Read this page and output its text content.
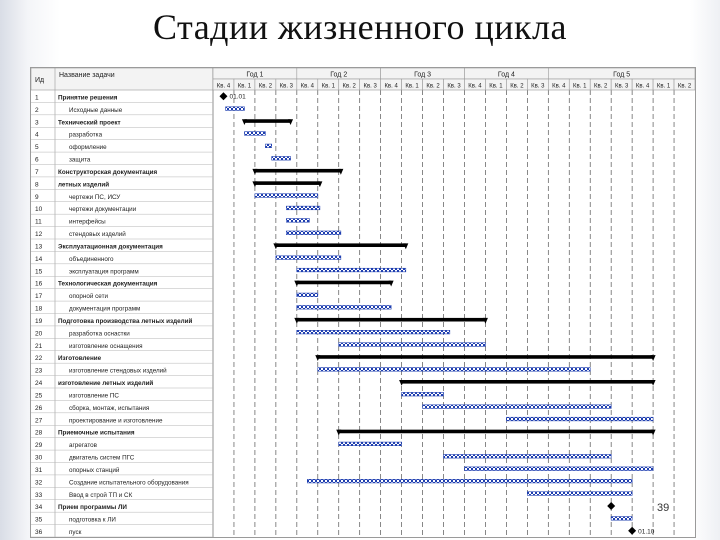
Стадии жизненного цикла
Ид
Название задачи	Год 1	Год 2	Год 3	Год 4	Год 5
Кв. 4 Кв. 1 Кв. 2 Кв. 3 Кв. 4 Кв. 1 Кв. 2 Кв. 3 Кв. 4 Кв. 1 Кв. 2 Кв. 3 Кв. 4 Кв. 1 Кв. 2 Кв. 3 Кв. 4 Кв. 1 Кв. 2 Кв. 3 Кв. 4 Кв. 1 Кв. 2
1	Принятие решения
2	Исходные данные
3	Технический проект
4	разработка
5	оформление
6	защита
7	Конструкторская документация
8	летных изделий
9	чертежи ПС, ИСУ
10	чертежи документации
11	интерфейсы
12	стендовых изделий
13	Эксплуатационная документация
14	объединенного
15	эксплуатация программ
16	Технологическая документация
17	опорной сети
18	документация программ
19	Подготовка производства летных изделий
20	разработка оснастки
21	изготовление оснащения
22	Изготовление
23	изготовление стендовых изделий
24	изготовление летных изделий
25	изготовление ПС
26	сборка, монтаж, испытания
27	проектирование и изготовление
28	Приемочные испытания
29	агрегатов
30	двигатель систем ПГС
31	опорных станций
32	Создание испытательного оборудования
33	Ввод в строй ТП и СК
34	Прием программы ЛИ
35	подготовка к ЛИ
36	пуск
01.01
01.10
39
